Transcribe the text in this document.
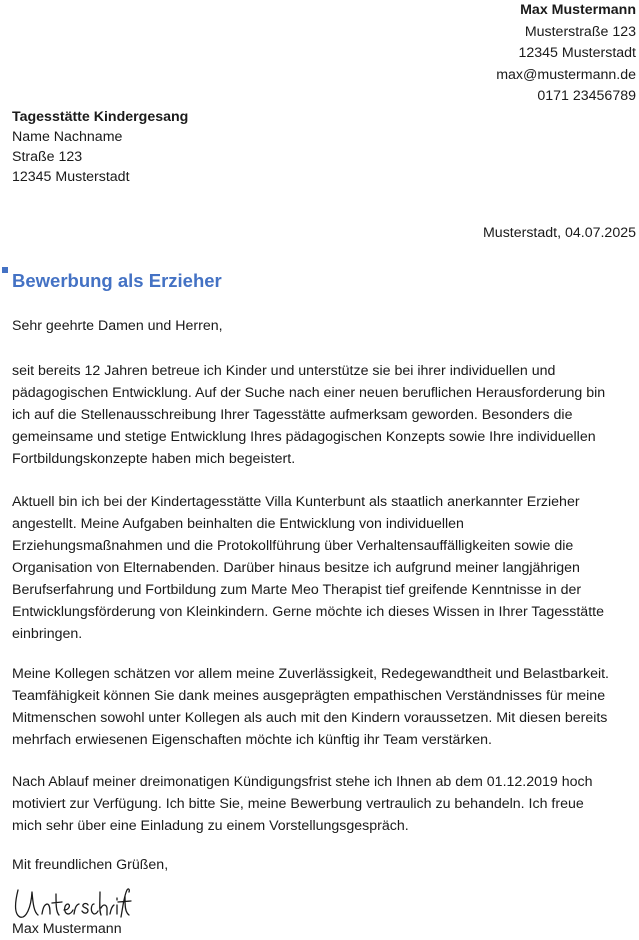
Max Mustermann
Musterstraße 123
12345 Musterstadt
max@mustermann.de
0171 23456789
Tagesstätte Kindergesang
Name Nachname
Straße 123
12345 Musterstadt
Musterstadt, 04.07.2025
Bewerbung als Erzieher

Sehr geehrte Damen und Herren,

seit bereits 12 Jahren betreue ich Kinder und unterstütze sie bei ihrer individuellen und
pädagogischen Entwicklung. Auf der Suche nach einer neuen beruflichen Herausforderung bin
ich auf die Stellenausschreibung Ihrer Tagesstätte aufmerksam geworden. Besonders die
gemeinsame und stetige Entwicklung Ihres pädagogischen Konzepts sowie Ihre individuellen
Fortbildungskonzepte haben mich begeistert.

Aktuell bin ich bei der Kindertagesstätte Villa Kunterbunt als staatlich anerkannter Erzieher
angestellt. Meine Aufgaben beinhalten die Entwicklung von individuellen
Erziehungsmaßnahmen und die Protokollführung über Verhaltensauffälligkeiten sowie die
Organisation von Elternabenden. Darüber hinaus besitze ich aufgrund meiner langjährigen
Berufserfahrung und Fortbildung zum Marte Meo Therapist tief greifende Kenntnisse in der
Entwicklungsförderung von Kleinkindern. Gerne möchte ich dieses Wissen in Ihrer Tagesstätte
einbringen.

Meine Kollegen schätzen vor allem meine Zuverlässigkeit, Redegewandtheit und Belastbarkeit.
Teamfähigkeit können Sie dank meines ausgeprägten empathischen Verständnisses für meine
Mitmenschen sowohl unter Kollegen als auch mit den Kindern voraussetzen. Mit diesen bereits
mehrfach erwiesenen Eigenschaften möchte ich künftig ihr Team verstärken.

Nach Ablauf meiner dreimonatigen Kündigungsfrist stehe ich Ihnen ab dem 01.12.2019 hoch
motiviert zur Verfügung. Ich bitte Sie, meine Bewerbung vertraulich zu behandeln. Ich freue
mich sehr über eine Einladung zu einem Vorstellungsgespräch.

Mit freundlichen Grüßen,

Max Mustermann
